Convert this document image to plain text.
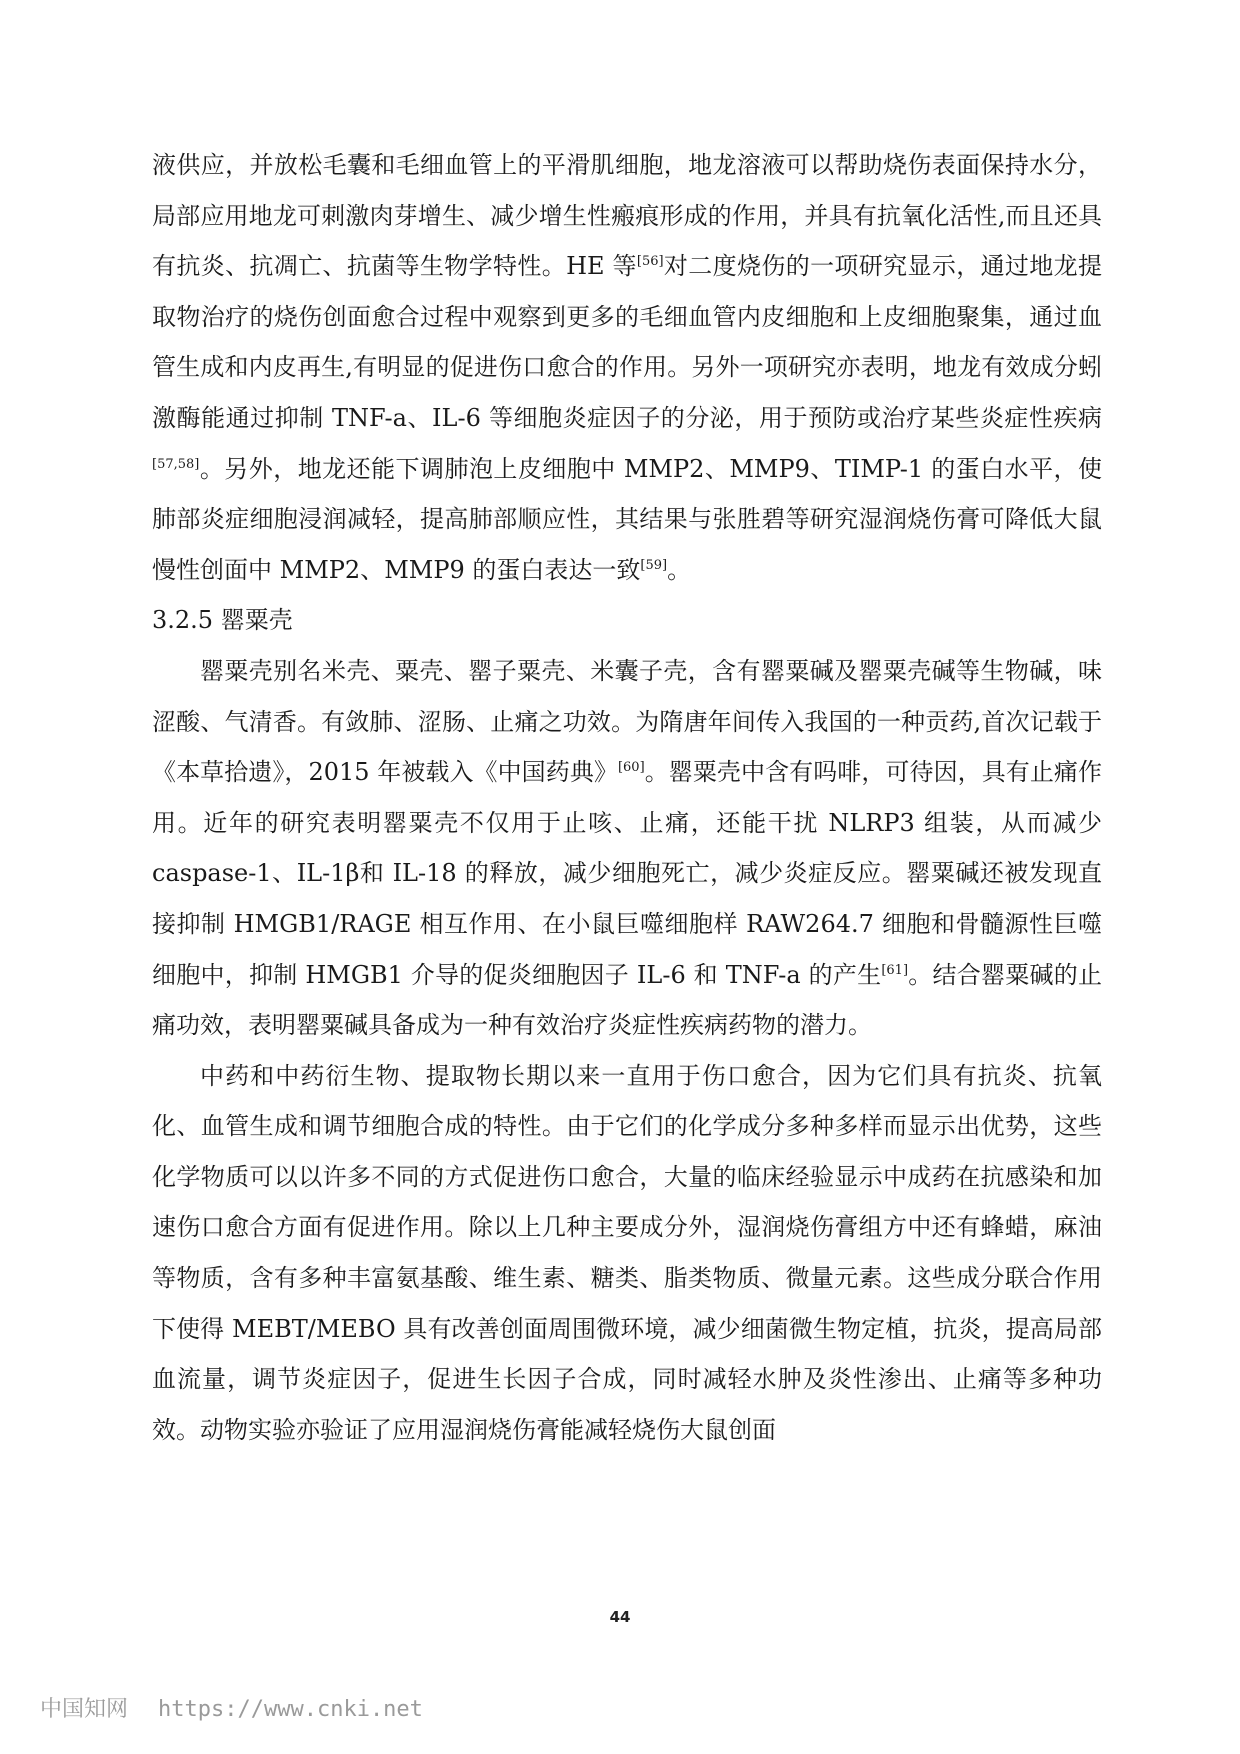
液供应，并放松毛囊和毛细血管上的平滑肌细胞，地龙溶液可以帮助烧伤表面保持水分，局部应用地龙可刺激肉芽增生、减少增生性瘢痕形成的作用，并具有抗氧化活性,而且还具有抗炎、抗凋亡、抗菌等生物学特性。HE 等[56]对二度烧伤的一项研究显示，通过地龙提取物治疗的烧伤创面愈合过程中观察到更多的毛细血管内皮细胞和上皮细胞聚集，通过血管生成和内皮再生,有明显的促进伤口愈合的作用。另外一项研究亦表明，地龙有效成分蚓激酶能通过抑制 TNF-a、IL-6 等细胞炎症因子的分泌，用于预防或治疗某些炎症性疾病[57,58]。另外，地龙还能下调肺泡上皮细胞中 MMP2、MMP9、TIMP-1 的蛋白水平，使肺部炎症细胞浸润减轻，提高肺部顺应性，其结果与张胜碧等研究湿润烧伤膏可降低大鼠慢性创面中 MMP2、MMP9 的蛋白表达一致[59]。

3.2.5 罂粟壳

罂粟壳别名米壳、粟壳、罂子粟壳、米囊子壳，含有罂粟碱及罂粟壳碱等生物碱，味涩酸、气清香。有敛肺、涩肠、止痛之功效。为隋唐年间传入我国的一种贡药,首次记载于《本草拾遗》，2015 年被载入《中国药典》[60]。罂粟壳中含有吗啡，可待因，具有止痛作用。近年的研究表明罂粟壳不仅用于止咳、止痛，还能干扰 NLRP3 组装，从而减少 caspase-1、IL-1β和 IL-18 的释放，减少细胞死亡，减少炎症反应。罂粟碱还被发现直接抑制 HMGB1/RAGE 相互作用、在小鼠巨噬细胞样 RAW264.7 细胞和骨髓源性巨噬细胞中，抑制 HMGB1 介导的促炎细胞因子 IL-6 和 TNF-a 的产生[61]。结合罂粟碱的止痛功效，表明罂粟碱具备成为一种有效治疗炎症性疾病药物的潜力。

中药和中药衍生物、提取物长期以来一直用于伤口愈合，因为它们具有抗炎、抗氧化、血管生成和调节细胞合成的特性。由于它们的化学成分多种多样而显示出优势，这些化学物质可以以许多不同的方式促进伤口愈合，大量的临床经验显示中成药在抗感染和加速伤口愈合方面有促进作用。除以上几种主要成分外，湿润烧伤膏组方中还有蜂蜡，麻油等物质，含有多种丰富氨基酸、维生素、糖类、脂类物质、微量元素。这些成分联合作用下使得 MEBT/MEBO 具有改善创面周围微环境，减少细菌微生物定植，抗炎，提高局部血流量，调节炎症因子，促进生长因子合成，同时减轻水肿及炎性渗出、止痛等多种功效。动物实验亦验证了应用湿润烧伤膏能减轻烧伤大鼠创面

44
中国知网 https://www.cnki.net
